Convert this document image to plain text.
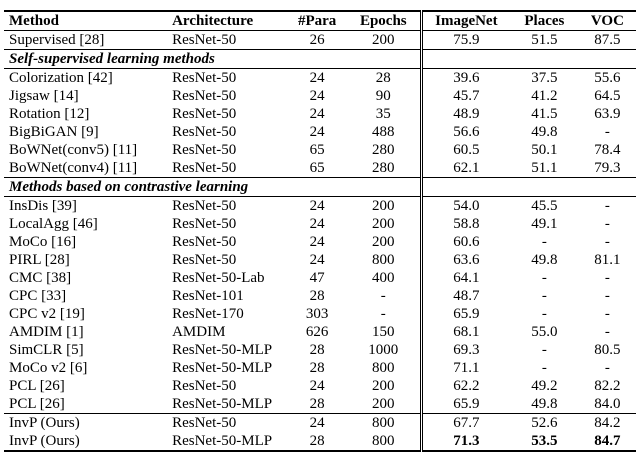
Method	Architecture	#Para	Epochs	ImageNet	Places	VOC
Supervised [28]	ResNet-50	26	200	75.9	51.5	87.5
Self-supervised learning methods						
Colorization [42]	ResNet-50	24	28	39.6	37.5	55.6
Jigsaw [14]	ResNet-50	24	90	45.7	41.2	64.5
Rotation [12]	ResNet-50	24	35	48.9	41.5	63.9
BigBiGAN [9]	ResNet-50	24	488	56.6	49.8	-
BoWNet(conv5) [11]	ResNet-50	65	280	60.5	50.1	78.4
BoWNet(conv4) [11]	ResNet-50	65	280	62.1	51.1	79.3
Methods based on contrastive learning						
InsDis [39]	ResNet-50	24	200	54.0	45.5	-
LocalAgg [46]	ResNet-50	24	200	58.8	49.1	-
MoCo [16]	ResNet-50	24	200	60.6	-	-
PIRL [28]	ResNet-50	24	800	63.6	49.8	81.1
CMC [38]	ResNet-50-Lab	47	400	64.1	-	-
CPC [33]	ResNet-101	28	-	48.7	-	-
CPC v2 [19]	ResNet-170	303	-	65.9	-	-
AMDIM [1]	AMDIM	626	150	68.1	55.0	-
SimCLR [5]	ResNet-50-MLP	28	1000	69.3	-	80.5
MoCo v2 [6]	ResNet-50-MLP	28	800	71.1	-	-
PCL [26]	ResNet-50	24	200	62.2	49.2	82.2
PCL [26]	ResNet-50-MLP	28	200	65.9	49.8	84.0
InvP (Ours)	ResNet-50	24	800	67.7	52.6	84.2
InvP (Ours)	ResNet-50-MLP	28	800	71.3	53.5	84.7
